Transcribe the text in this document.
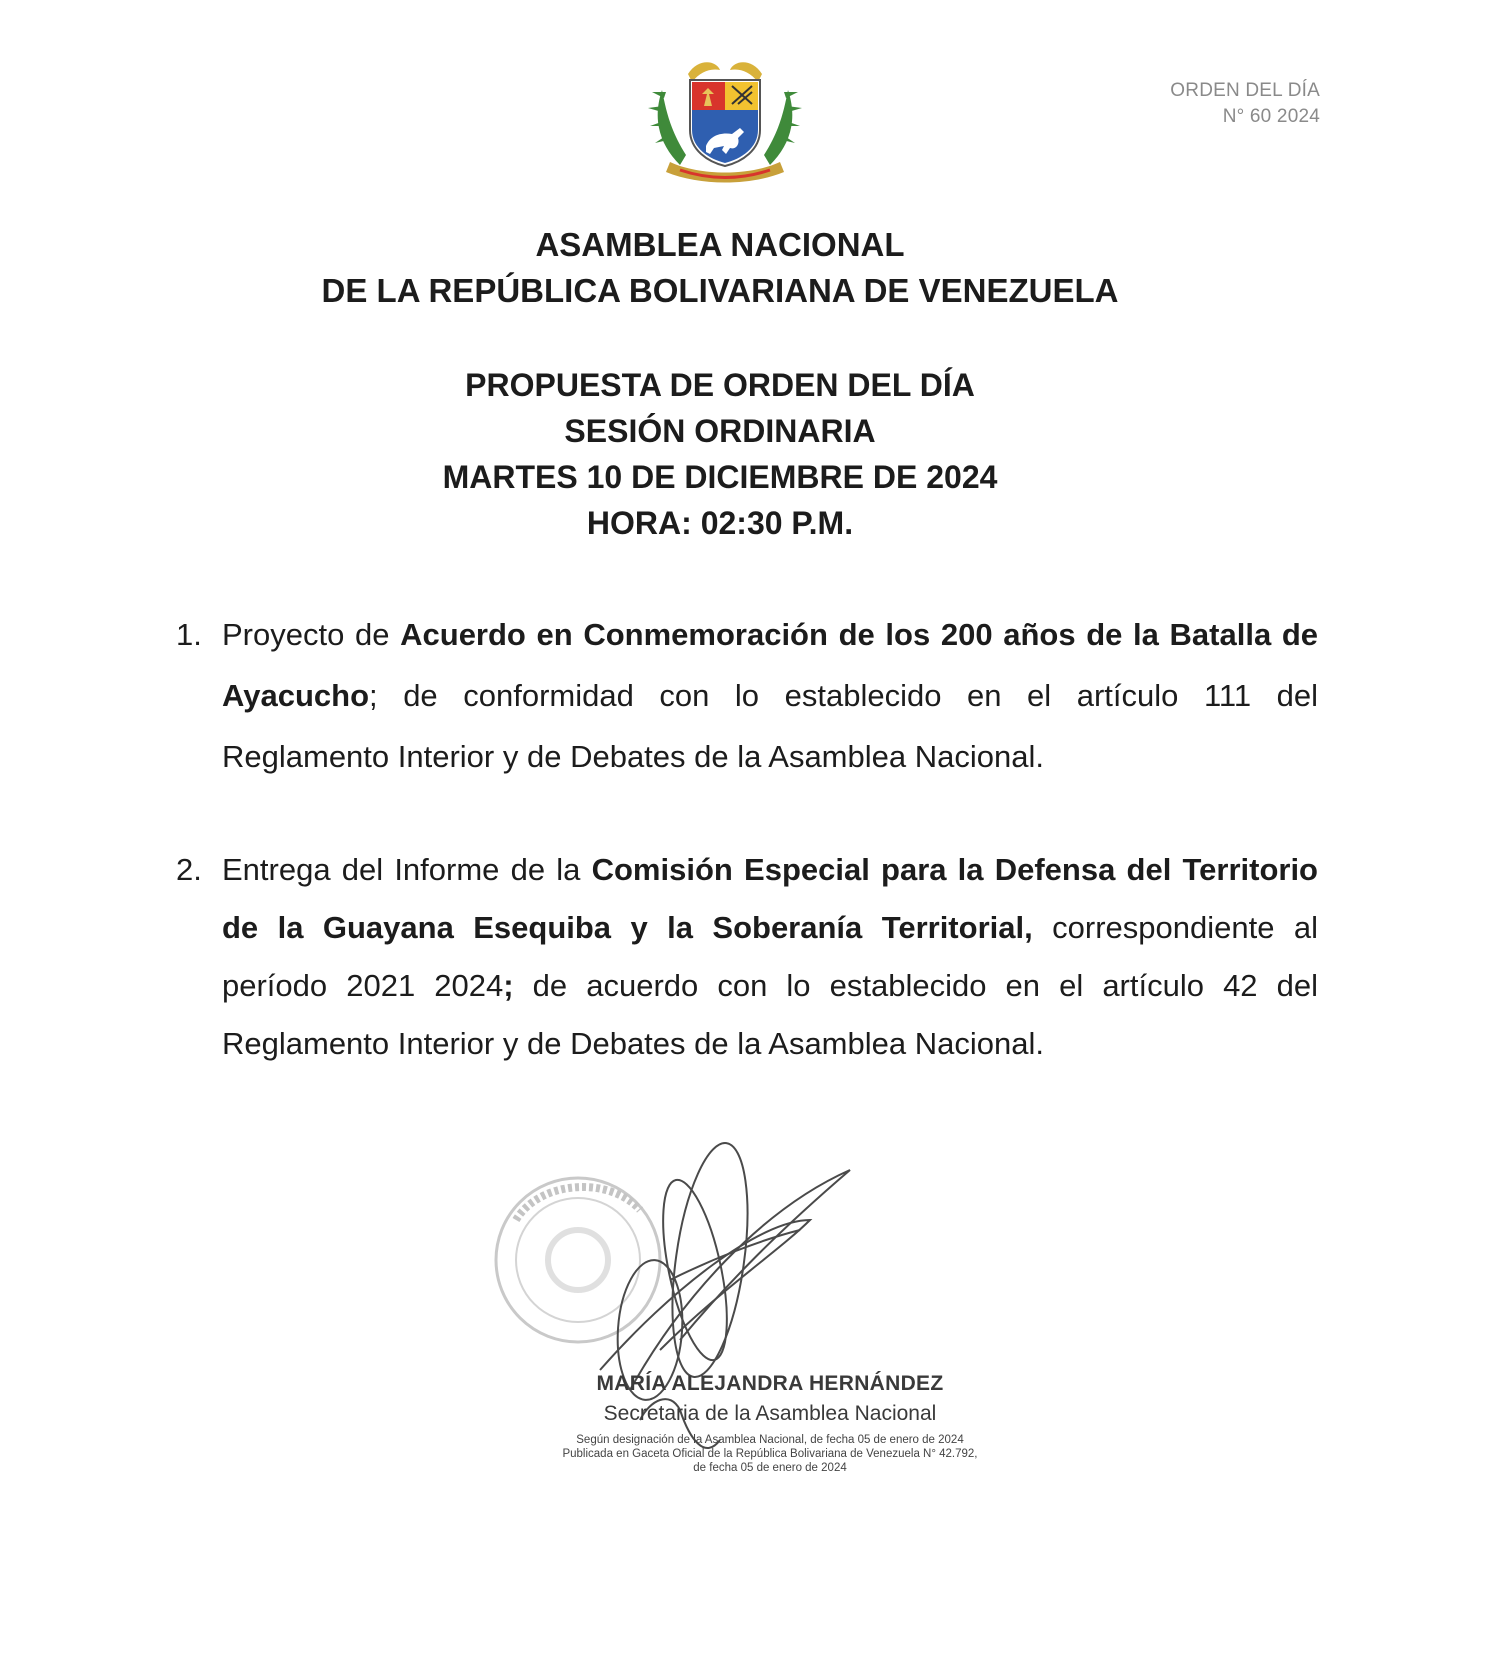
ORDEN DEL DÍA
N° 60 2024
ASAMBLEA NACIONAL
DE LA REPÚBLICA BOLIVARIANA DE VENEZUELA
PROPUESTA DE ORDEN DEL DÍA
SESIÓN ORDINARIA
MARTES 10 DE DICIEMBRE DE 2024
HORA: 02:30 P.M.
1. Proyecto de Acuerdo en Conmemoración de los 200 años de la Batalla de Ayacucho; de conformidad con lo establecido en el artículo 111 del Reglamento Interior y de Debates de la Asamblea Nacional.
2. Entrega del Informe de la Comisión Especial para la Defensa del Territorio de la Guayana Esequiba y la Soberanía Territorial, correspondiente al período 2021 2024; de acuerdo con lo establecido en el artículo 42 del Reglamento Interior y de Debates de la Asamblea Nacional.
MARÍA ALEJANDRA HERNÁNDEZ
Secretaria de la Asamblea Nacional
Según designación de la Asamblea Nacional, de fecha 05 de enero de 2024
Publicada en Gaceta Oficial de la República Bolivariana de Venezuela N° 42.792,
de fecha 05 de enero de 2024
